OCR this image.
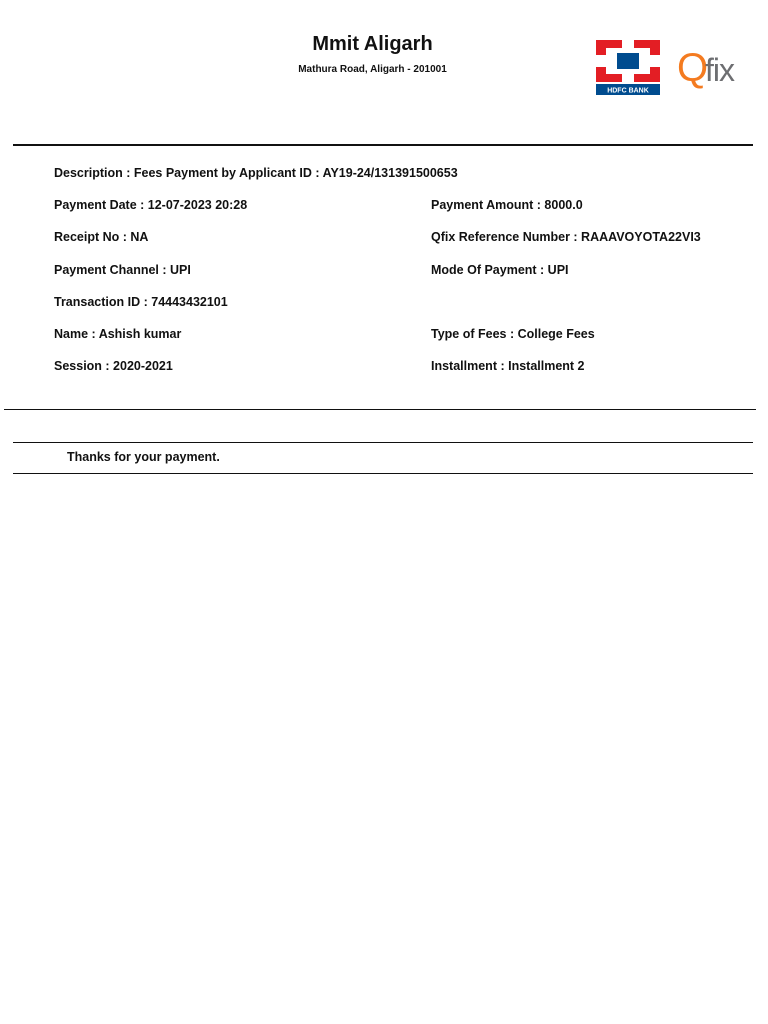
Mmit Aligarh
Mathura Road, Aligarh - 201001
HDFC BANK
Q
fix
Qfix
Description : Fees Payment by Applicant ID : AY19-24/131391500653
Payment Date : 12-07-2023 20:28	Payment Amount : 8000.0
Receipt No : NA	Qfix Reference Number : RAAAVOYOTA22VI3
Payment Channel : UPI	Mode Of Payment : UPI
Transaction ID : 74443432101
Name : Ashish kumar	Type of Fees : College Fees
Session : 2020-2021	Installment : Installment 2
Thanks for your payment.
